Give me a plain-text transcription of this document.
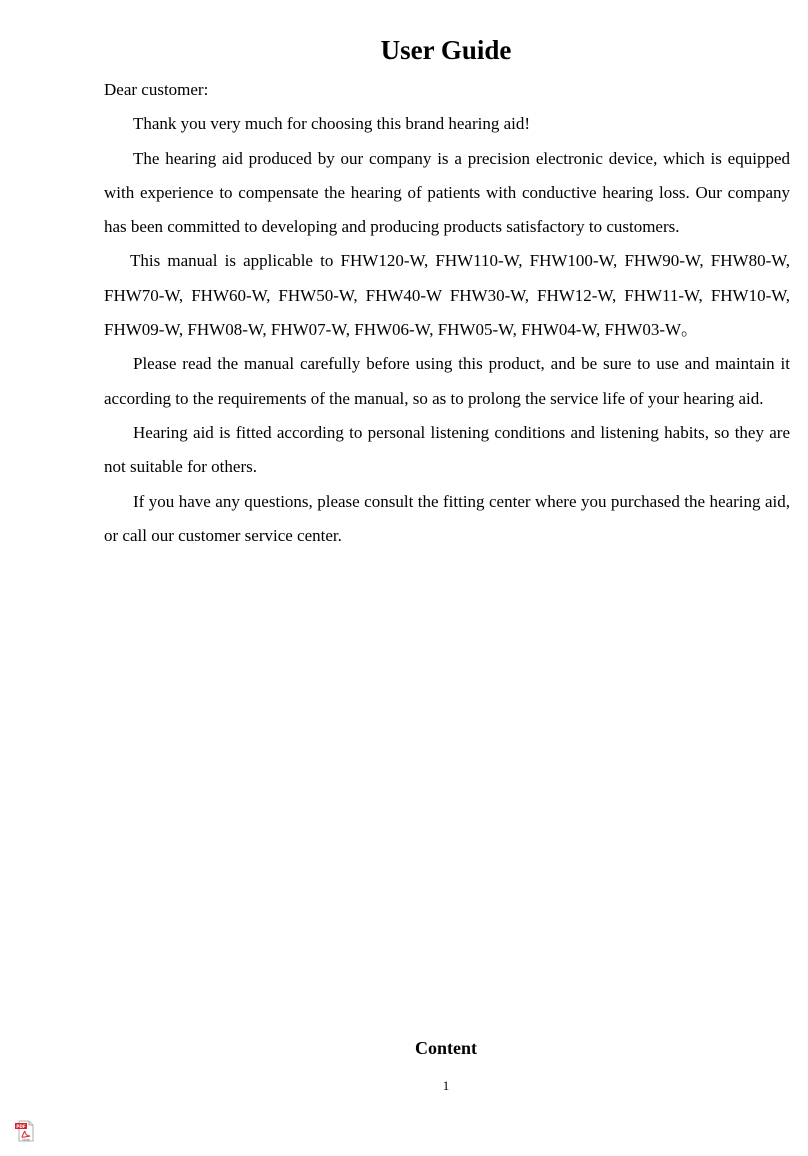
User Guide

Dear customer:

Thank you very much for choosing this brand hearing aid!

The hearing aid produced by our company is a precision electronic device, which is equipped with experience to compensate the hearing of patients with conductive hearing loss. Our company has been committed to developing and producing products satisfactory to customers.

This manual is applicable to FHW120-W, FHW110-W, FHW100-W, FHW90-W, FHW80-W, FHW70-W, FHW60-W, FHW50-W, FHW40-W FHW30-W, FHW12-W, FHW11-W, FHW10-W, FHW09-W, FHW08-W, FHW07-W, FHW06-W, FHW05-W, FHW04-W, FHW03-W。

Please read the manual carefully before using this product, and be sure to use and maintain it according to the requirements of the manual, so as to prolong the service life of your hearing aid.

Hearing aid is fitted according to personal listening conditions and listening habits, so they are not suitable for others.

If you have any questions, please consult the fitting center where you purchased the hearing aid, or call our customer service center.

Content
1
PDF
Adobe
